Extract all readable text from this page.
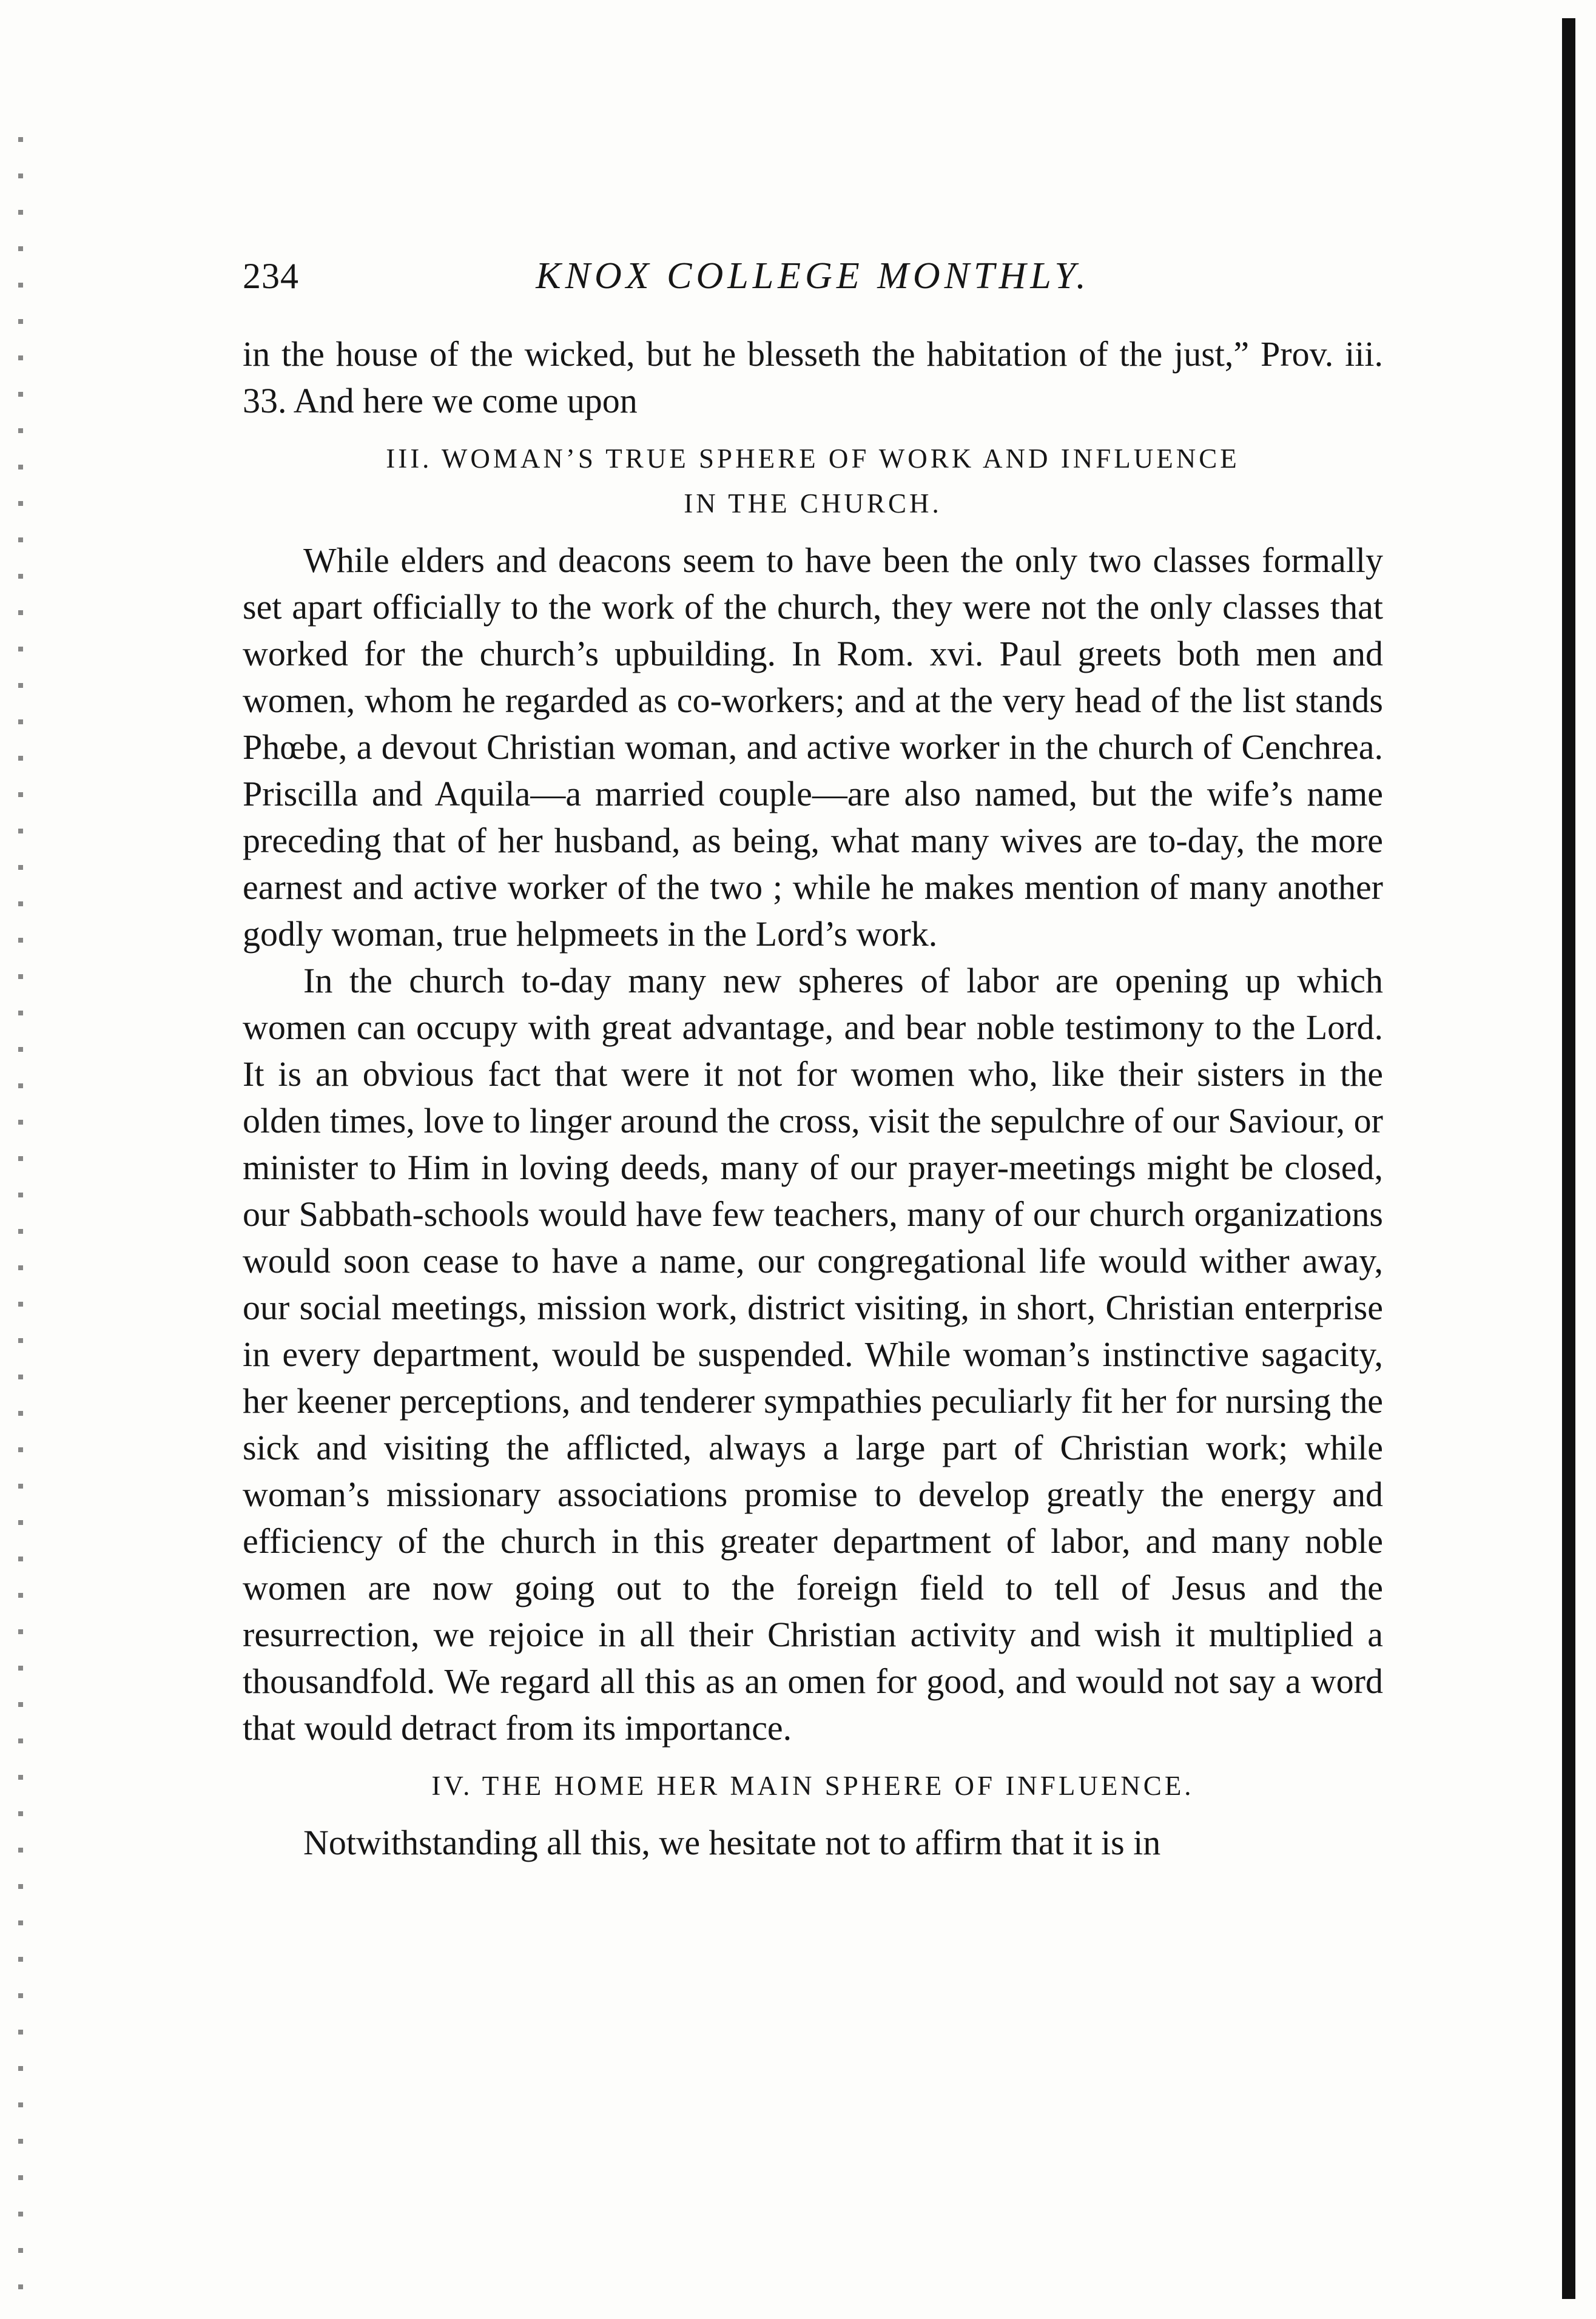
234	KNOX COLLEGE MONTHLY.

in the house of the wicked, but he blesseth the habitation of the just,” Prov. iii. 33. And here we come upon

III. WOMAN’S TRUE SPHERE OF WORK AND INFLUENCE
IN THE CHURCH.

While elders and deacons seem to have been the only two classes formally set apart officially to the work of the church, they were not the only classes that worked for the church’s upbuilding. In Rom. xvi. Paul greets both men and women, whom he regarded as co-workers; and at the very head of the list stands Phœbe, a devout Christian woman, and active worker in the church of Cenchrea. Priscilla and Aquila—a married couple—are also named, but the wife’s name preceding that of her husband, as being, what many wives are to-day, the more earnest and active worker of the two ; while he makes mention of many another godly woman, true helpmeets in the Lord’s work.

In the church to-day many new spheres of labor are opening up which women can occupy with great advantage, and bear noble testimony to the Lord. It is an obvious fact that were it not for women who, like their sisters in the olden times, love to linger around the cross, visit the sepulchre of our Saviour, or minister to Him in loving deeds, many of our prayer-meetings might be closed, our Sabbath-schools would have few teachers, many of our church organizations would soon cease to have a name, our congregational life would wither away, our social meetings, mission work, district visiting, in short, Christian enterprise in every department, would be suspended. While woman’s instinctive sagacity, her keener perceptions, and tenderer sympathies peculiarly fit her for nursing the sick and visiting the afflicted, always a large part of Christian work; while woman’s missionary associations promise to develop greatly the energy and efficiency of the church in this greater department of labor, and many noble women are now going out to the foreign field to tell of Jesus and the resurrection, we rejoice in all their Christian activity and wish it multiplied a thousandfold. We regard all this as an omen for good, and would not say a word that would detract from its importance.

IV. THE HOME HER MAIN SPHERE OF INFLUENCE.

Notwithstanding all this, we hesitate not to affirm that it is in
